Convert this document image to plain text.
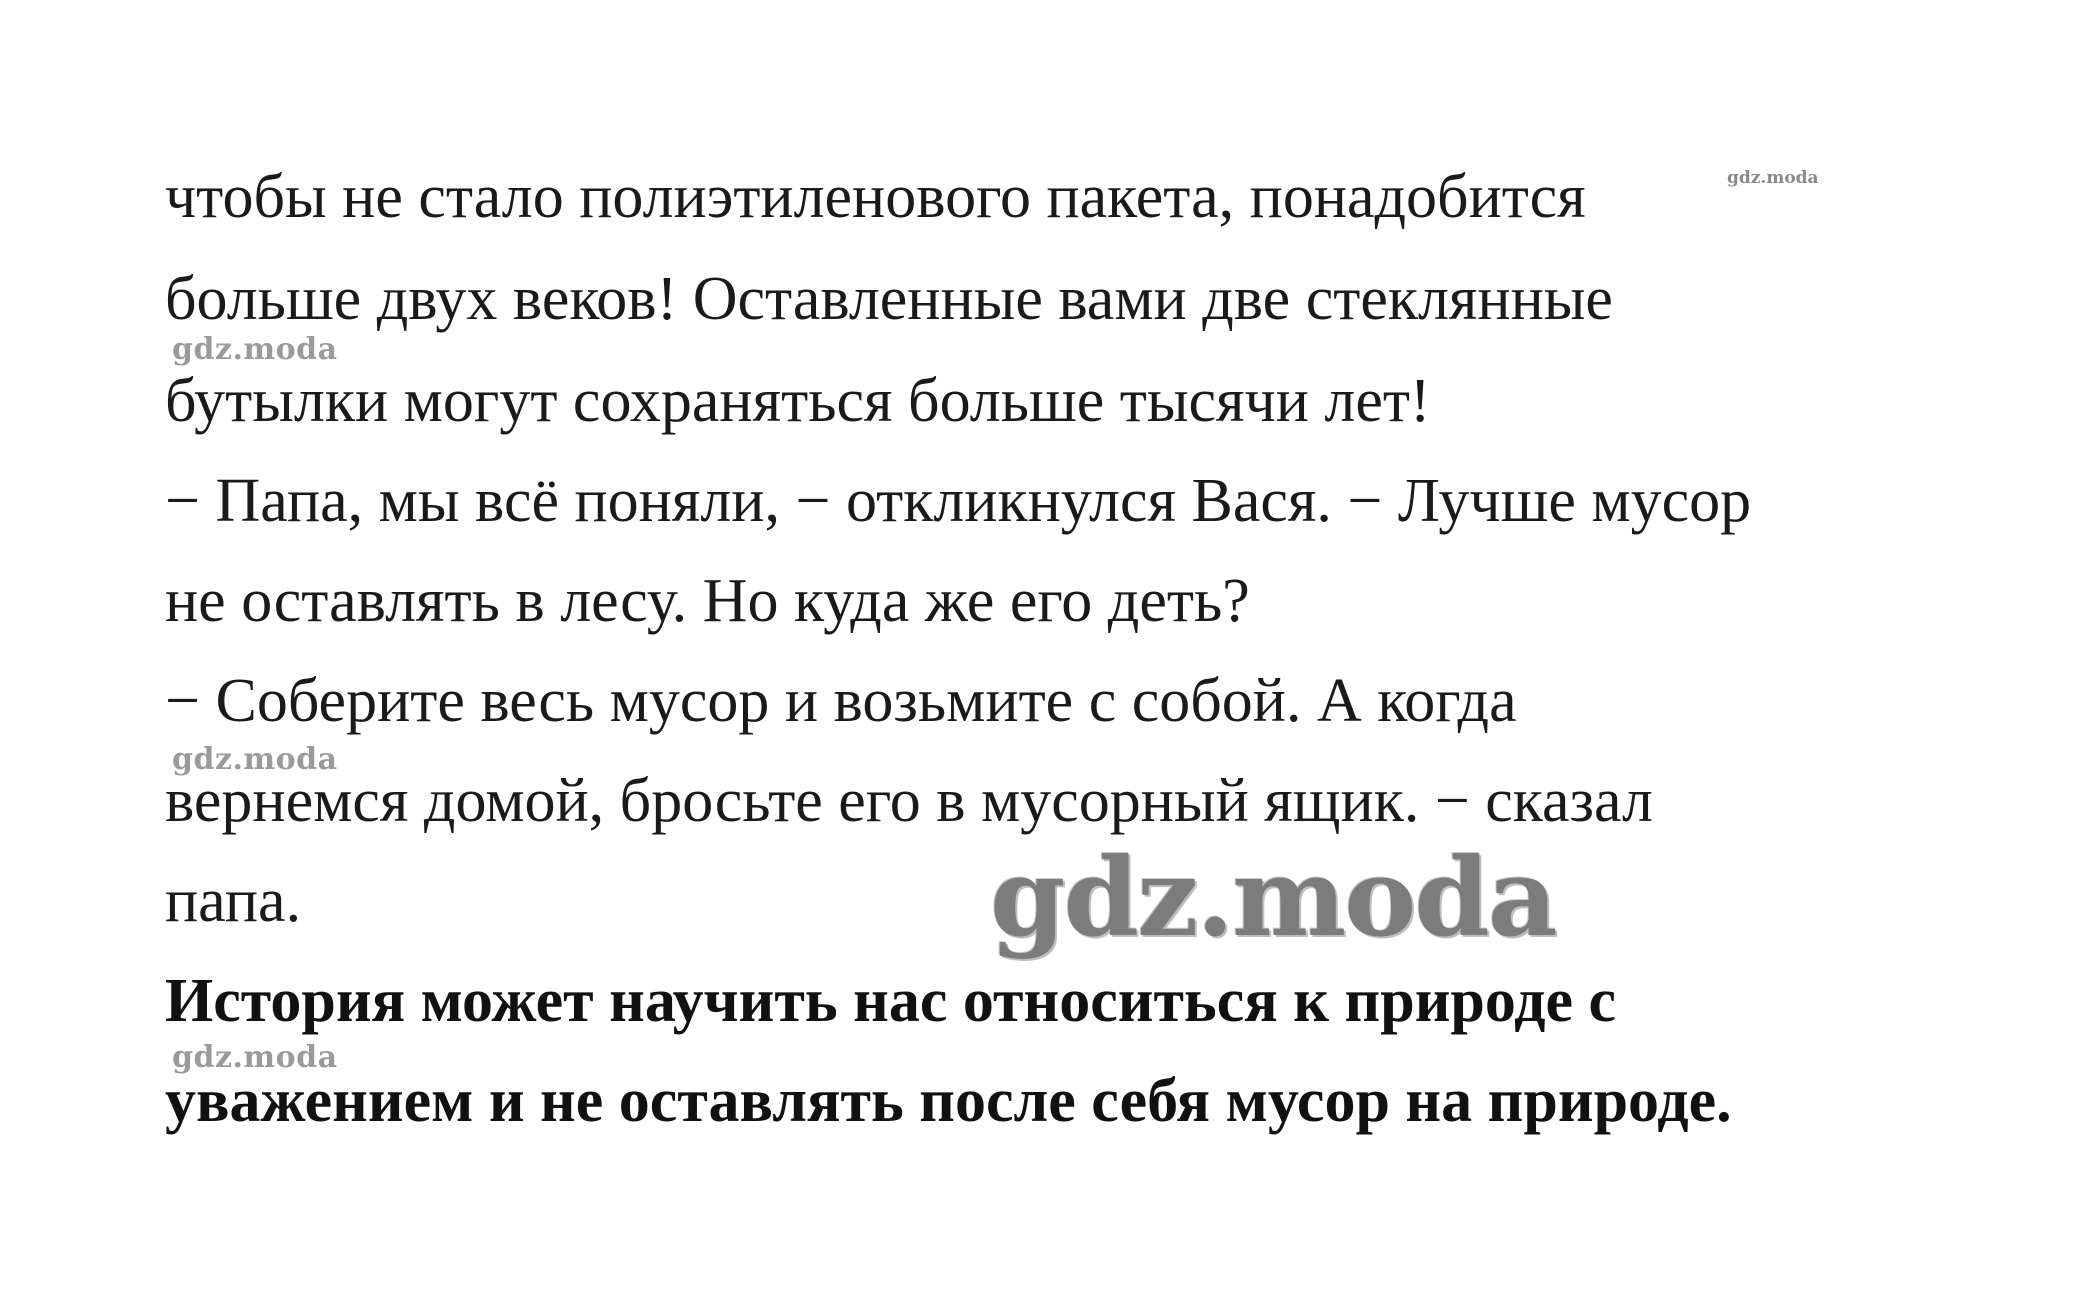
чтобы не стало полиэтиленового пакета, понадобится	gdz.moda

больше двух веков! Оставленные вами две стеклянные

gdz.moda

бутылки могут сохраняться больше тысячи лет!

− Папа, мы всё поняли, − откликнулся Вася. − Лучше мусор

не оставлять в лесу. Но куда же его деть?

− Соберите весь мусор и возьмите с собой. А когда

gdz.moda

вернемся домой, бросьте его в мусорный ящик. − сказал

папа.	gdz.moda

История может научить нас относиться к природе с

gdz.moda

уважением и не оставлять после себя мусор на природе.
